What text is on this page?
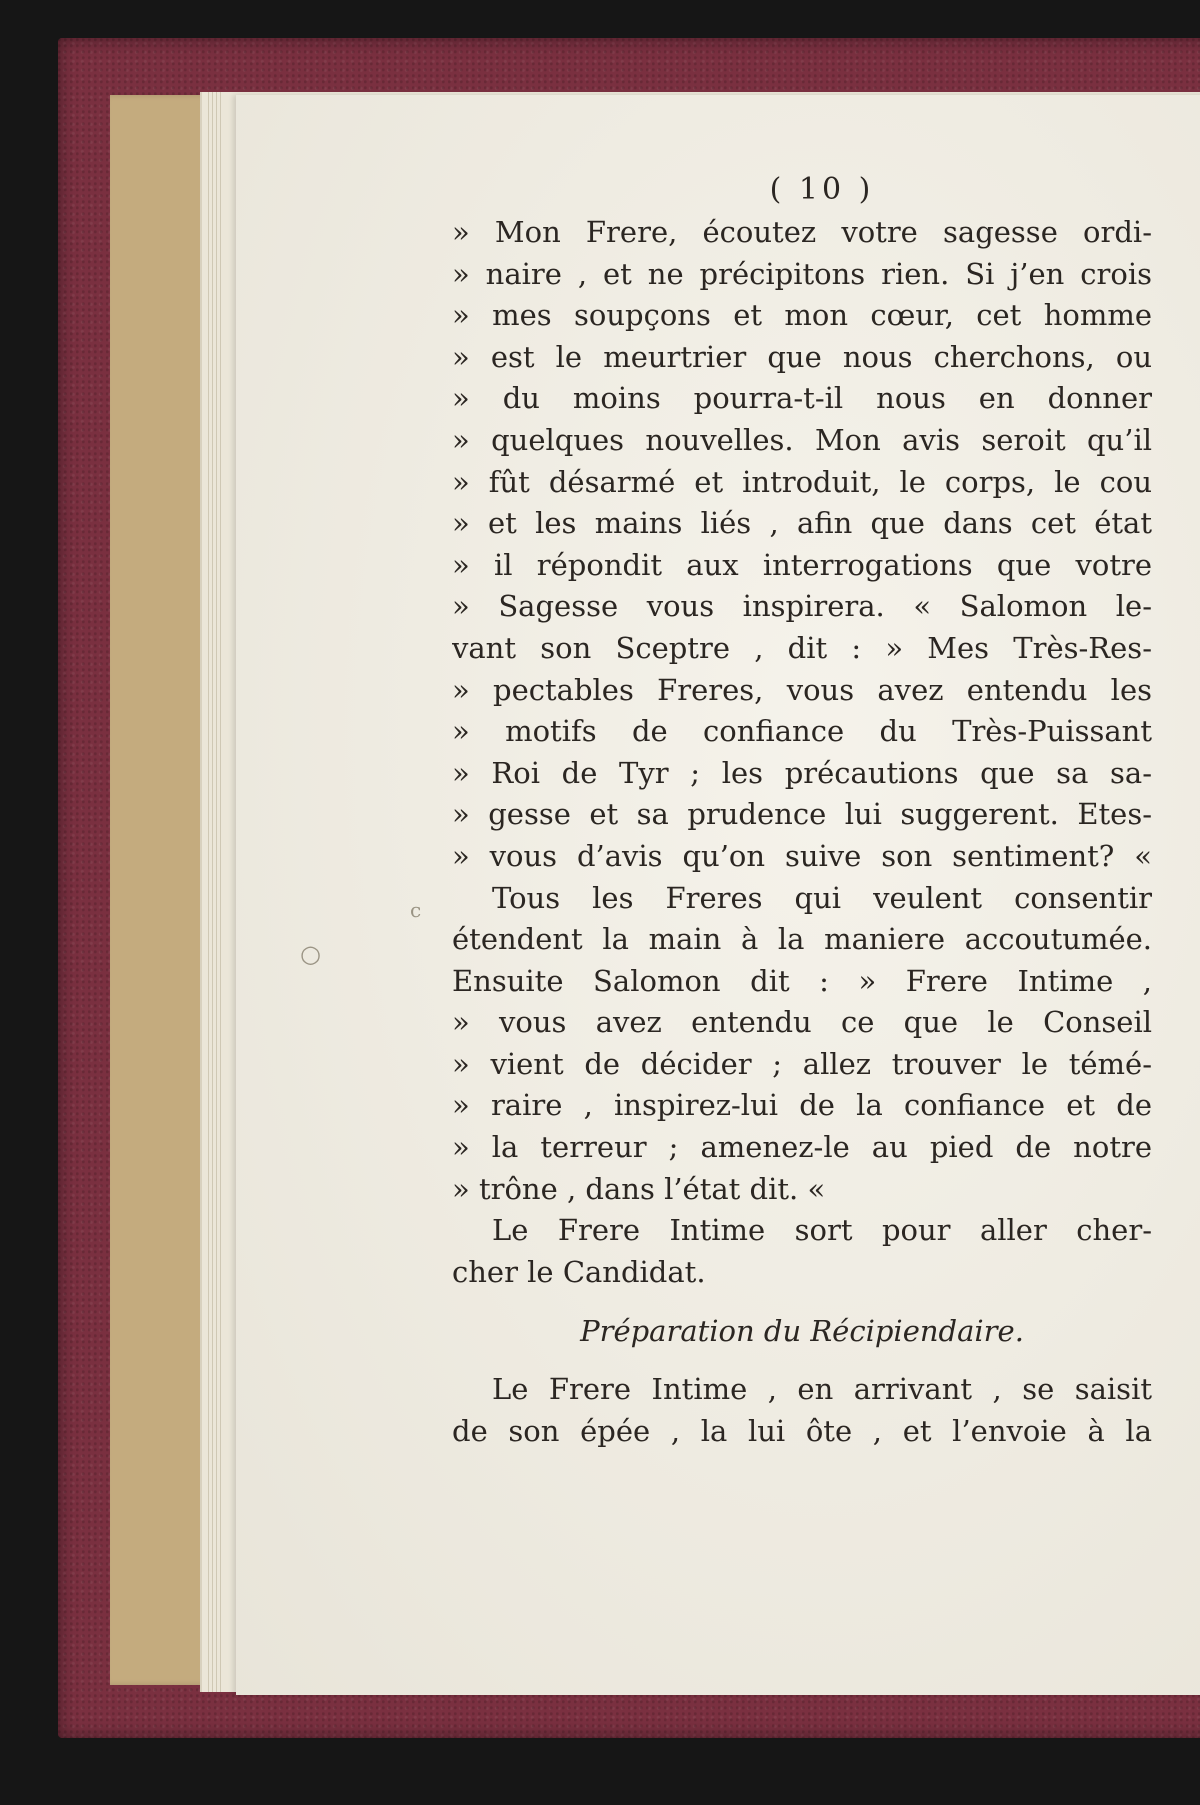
c
○
( 10 )
» Mon Frere, écoutez votre sagesse ordi-
» naire , et ne précipitons rien. Si j’en crois
» mes soupçons et mon cœur, cet homme
» est le meurtrier que nous cherchons, ou
» du moins pourra-t-il nous en donner
» quelques nouvelles. Mon avis seroit qu’il
» fût désarmé et introduit, le corps, le cou
» et les mains liés , afin que dans cet état
» il répondit aux interrogations que votre
» Sagesse vous inspirera. « Salomon le-
vant son Sceptre , dit : » Mes Très-Res-
» pectables Freres, vous avez entendu les
» motifs de confiance du Très-Puissant
» Roi de Tyr ; les précautions que sa sa-
» gesse et sa prudence lui suggerent. Etes-
» vous d’avis qu’on suive son sentiment? «
Tous les Freres qui veulent consentir
étendent la main à la maniere accoutumée.
Ensuite Salomon dit : » Frere Intime ,
» vous avez entendu ce que le Conseil
» vient de décider ; allez trouver le témé-
» raire , inspirez-lui de la confiance et de
» la terreur ; amenez-le au pied de notre
» trône , dans l’état dit. «
Le Frere Intime sort pour aller cher-
cher le Candidat.
Préparation du Récipiendaire.
Le Frere Intime , en arrivant , se saisit
de son épée , la lui ôte , et l’envoie à la
